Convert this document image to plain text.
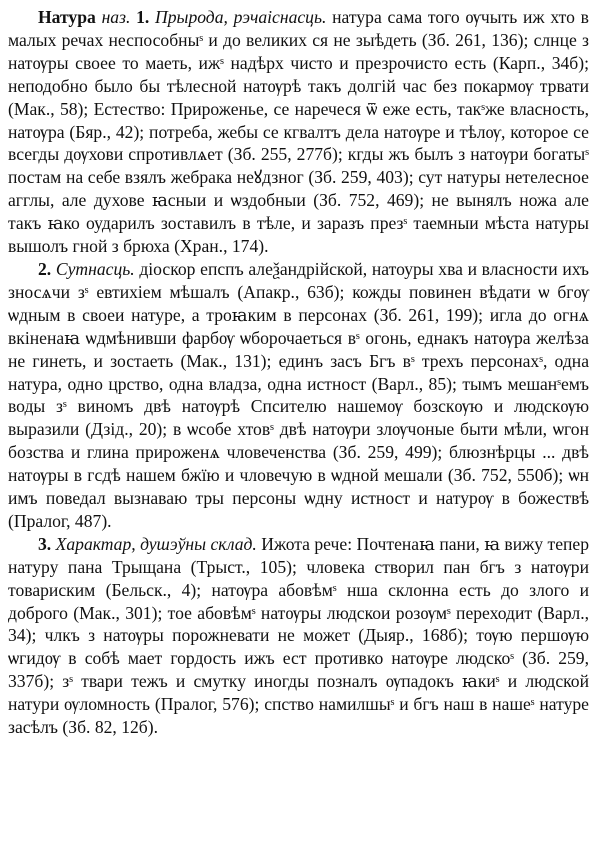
Натура наз. 1. Прырода, рэчаіснасць. натура сама того ѹчыть иж хто в малых речах неспособныˢ и до великих ся не зыѣдеть (Зб. 261, 136); слнце з натѹры своее то маеть, ижˢ надѣрх чисто и презрочисто есть (Карп., 34б); неподобно было бы тѣлесной натѹрѣ такъ долгій час без покармѹ трвати (Мак., 58); Естество: Прироженье, се наречеся ѿ еже есть, такˢже власность, натѹра (Бяр., 42); потреба, жебы се кгвалтъ дела натѹре и тѣлѹ, которое се всегды дѹхови спротивлѧет (Зб. 255, 277б); кгды жъ былъ з натѹри богатыˢ постам на себе взялъ жебрака неꙋдзног (Зб. 259, 403); сут натуры нетелесное агглы, але духове ꙗсныи и ѡздобныи (Зб. 752, 469); не вынялъ ножа але такъ ꙗко оударилъ зоставилъ в тѣле, и заразъ презˢ таемныи мѣста натуры вышолъ гной з брюха (Хран., 174).

2. Сутнасць. діоскор епспъ алеѯандрійской, натоуры хва и власности ихъ зносѧчи зˢ евтихіем мѣшалъ (Апакр., 63б); кожды повинен вѣдати ѡ бгѹ ѡдным в своеи натуре, а троꙗким в персонах (Зб. 261, 199); игла до огнѧ вкіненаꙗ ѡдмѣнивши фарбѹ ѡборочаеться вˢ огонь, еднакъ натѹра желѣза не гинеть, и зостаеть (Мак., 131); единъ засъ Бгъ вˢ трехъ персонахˢ, одна натура, одно црство, одна владза, одна истност (Варл., 85); тымъ мешанˢемъ воды зˢ виномъ двѣ натѹрѣ Спсителю нашемѹ бозскѹю и людскѹю выразили (Дзід., 20); в ѡсобе хтовˢ двѣ натѹри злѹчоные быти мѣли, ѡгон бозства и глина прироженѧ чловеченства (Зб. 259, 499); блюзнѣрцы ... двѣ натѹры в гсдѣ нашем бжїю и чловечую в ѡдной мешали (Зб. 752, 550б); ѡн имъ поведал вызнаваю тры персоны ѡдну истност и натурѹ в божествѣ (Пралог, 487).

3. Характар, душэўны склад. Ижота рече: Почтенаꙗ пани, ꙗ вижу тепер натуру пана Трыщана (Трыст., 105); чловека створил пан бгъ з натѹри товариским (Бельск., 4); натѹра абовѣмˢ нша склонна есть до злого и доброго (Мак., 301); тое абовѣмˢ натѹры людскои розѹмˢ переходит (Варл., 34); члкъ з натѹры порожневати не может (Дыяр., 168б); тѹю першѹю ѡгидѹ в собѣ мает гордость ижъ ест противко натѹре людскоˢ (Зб. 259, 337б); зˢ твари тежъ и смутку иногды позналъ ѹпадокъ ꙗкиˢ и людской натури ѹломность (Пралог, 576); спство намилшыˢ и бгъ наш в нашеˢ натуре засѣлъ (Зб. 82, 12б).
